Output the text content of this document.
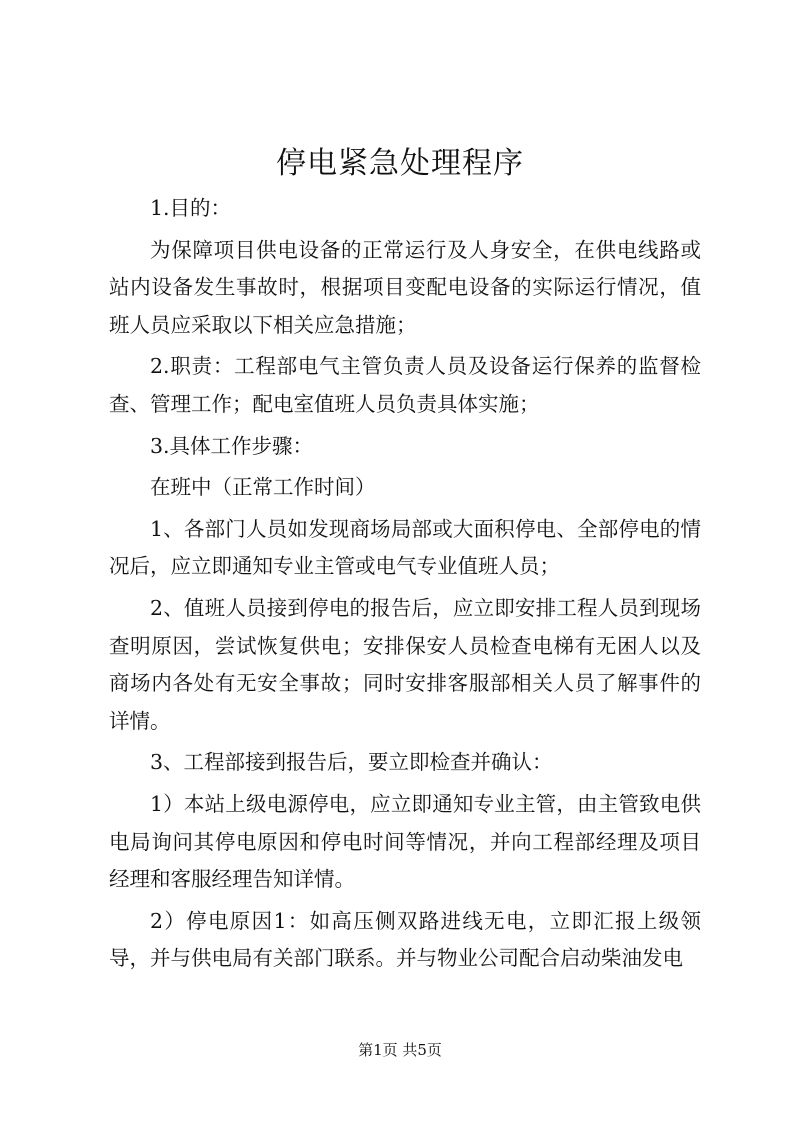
停电紧急处理程序

1.目的：

为保障项目供电设备的正常运行及人身安全，在供电线路或站内设备发生事故时，根据项目变配电设备的实际运行情况，值班人员应采取以下相关应急措施；

2.职责：工程部电气主管负责人员及设备运行保养的监督检查、管理工作；配电室值班人员负责具体实施；

3.具体工作步骤：

在班中（正常工作时间）

1、各部门人员如发现商场局部或大面积停电、全部停电的情况后，应立即通知专业主管或电气专业值班人员；

2、值班人员接到停电的报告后，应立即安排工程人员到现场查明原因，尝试恢复供电；安排保安人员检查电梯有无困人以及商场内各处有无安全事故；同时安排客服部相关人员了解事件的详情。

3、工程部接到报告后，要立即检查并确认：

1）本站上级电源停电，应立即通知专业主管，由主管致电供电局询问其停电原因和停电时间等情况，并向工程部经理及项目经理和客服经理告知详情。

2）停电原因1：如高压侧双路进线无电，立即汇报上级领导，并与供电局有关部门联系。并与物业公司配合启动柴油发电

第1页 共5页
